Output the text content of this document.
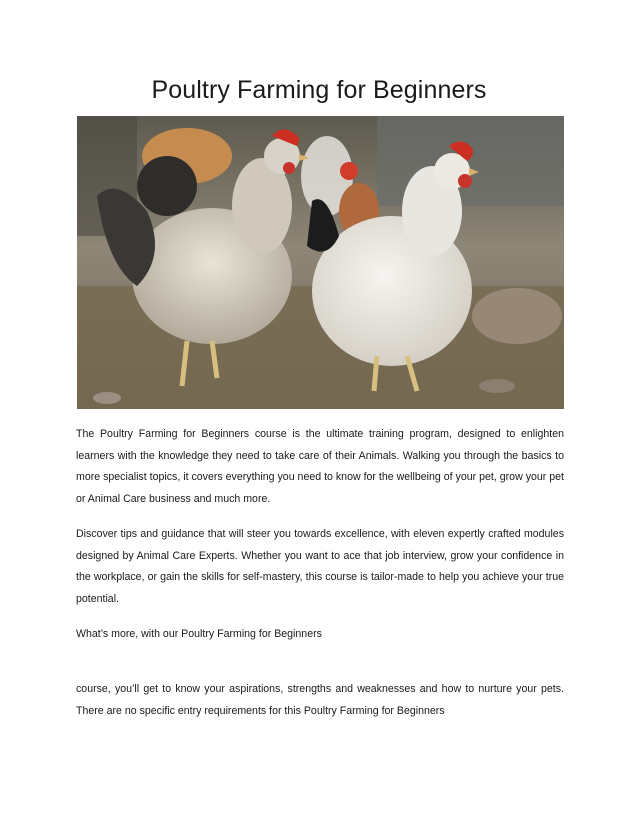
Poultry Farming for Beginners

The Poultry Farming for Beginners course is the ultimate training program, designed to enlighten learners with the knowledge they need to take care of their Animals. Walking you through the basics to more specialist topics, it covers everything you need to know for the wellbeing of your pet, grow your pet or Animal Care business and much more.

Discover tips and guidance that will steer you towards excellence, with eleven expertly crafted modules designed by Animal Care Experts. Whether you want to ace that job interview, grow your confidence in the workplace, or gain the skills for self-mastery, this course is tailor-made to help you achieve your true potential.

What’s more, with our Poultry Farming for Beginners

course, you’ll get to know your aspirations, strengths and weaknesses and how to nurture your pets. There are no specific entry requirements for this Poultry Farming for Beginners
